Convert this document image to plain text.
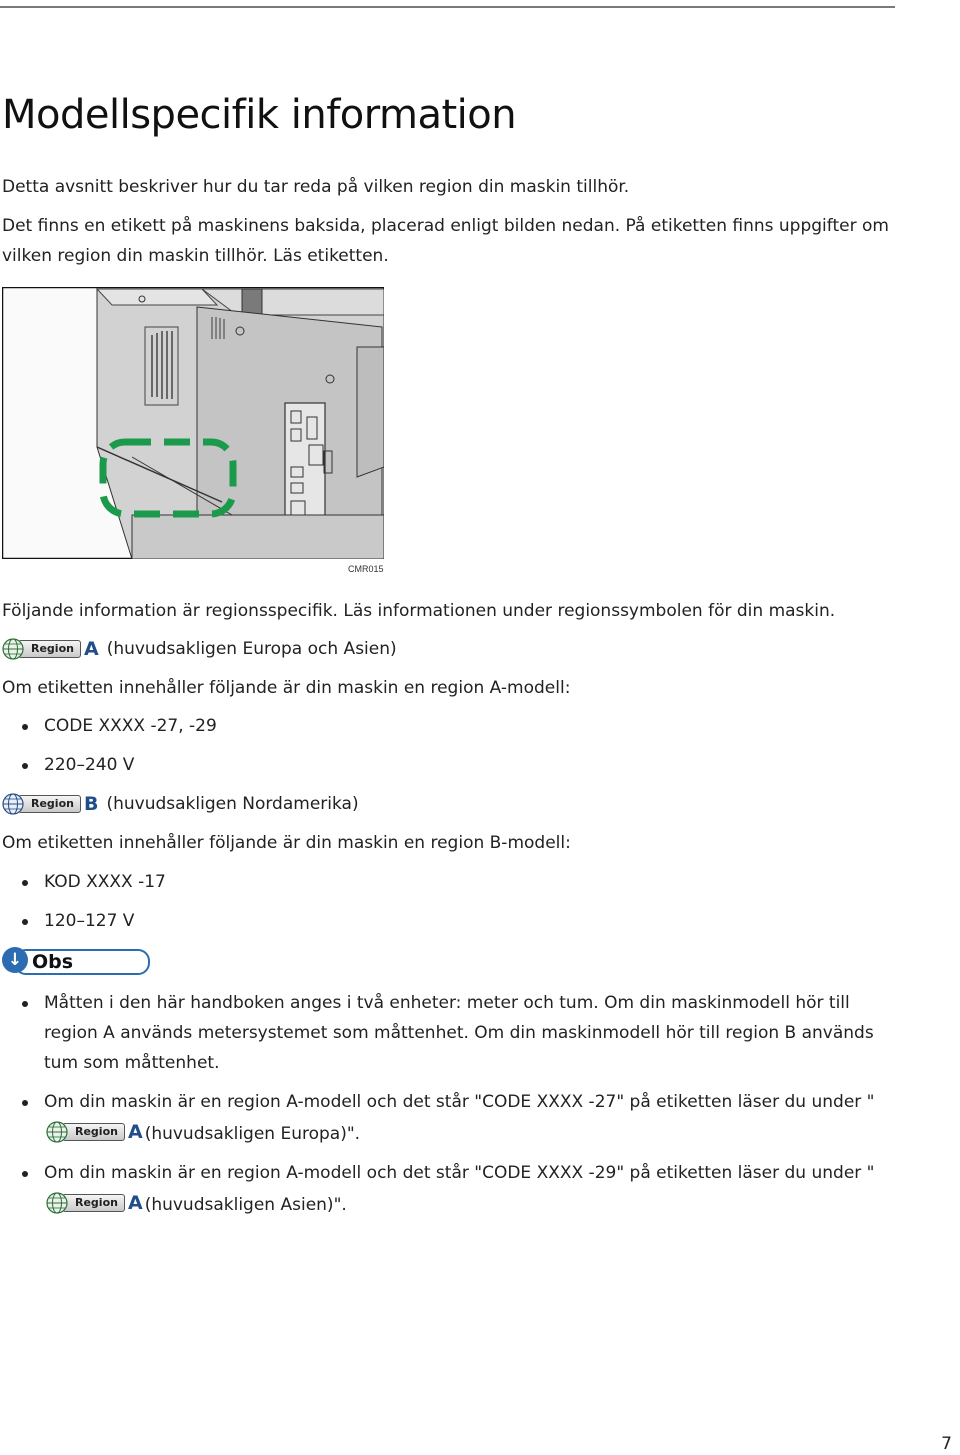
Modellspecifik information

Detta avsnitt beskriver hur du tar reda på vilken region din maskin tillhör.

Det finns en etikett på maskinens baksida, placerad enligt bilden nedan. På etiketten finns uppgifter om

vilken region din maskin tillhör. Läs etiketten.

CMR015

Följande information är regionsspecifik. Läs informationen under regionssymbolen för din maskin.

Region A (huvudsakligen Europa och Asien)

Om etiketten innehåller följande är din maskin en region A-modell:

CODE XXXX -27, -29
220–240 V
Region B (huvudsakligen Nordamerika)

Om etiketten innehåller följande är din maskin en region B-modell:

KOD XXXX -17
120–127 V
↓ Obs
Måtten i den här handboken anges i två enheter: meter och tum. Om din maskinmodell hör till region A används metersystemet som måttenhet. Om din maskinmodell hör till region B används tum som måttenhet.
Om din maskin är en region A-modell och det står "CODE XXXX -27" på etiketten läser du under "
Region A (huvudsakligen Europa)".
Om din maskin är en region A-modell och det står "CODE XXXX -29" på etiketten läser du under "
Region A (huvudsakligen Asien)".
7
